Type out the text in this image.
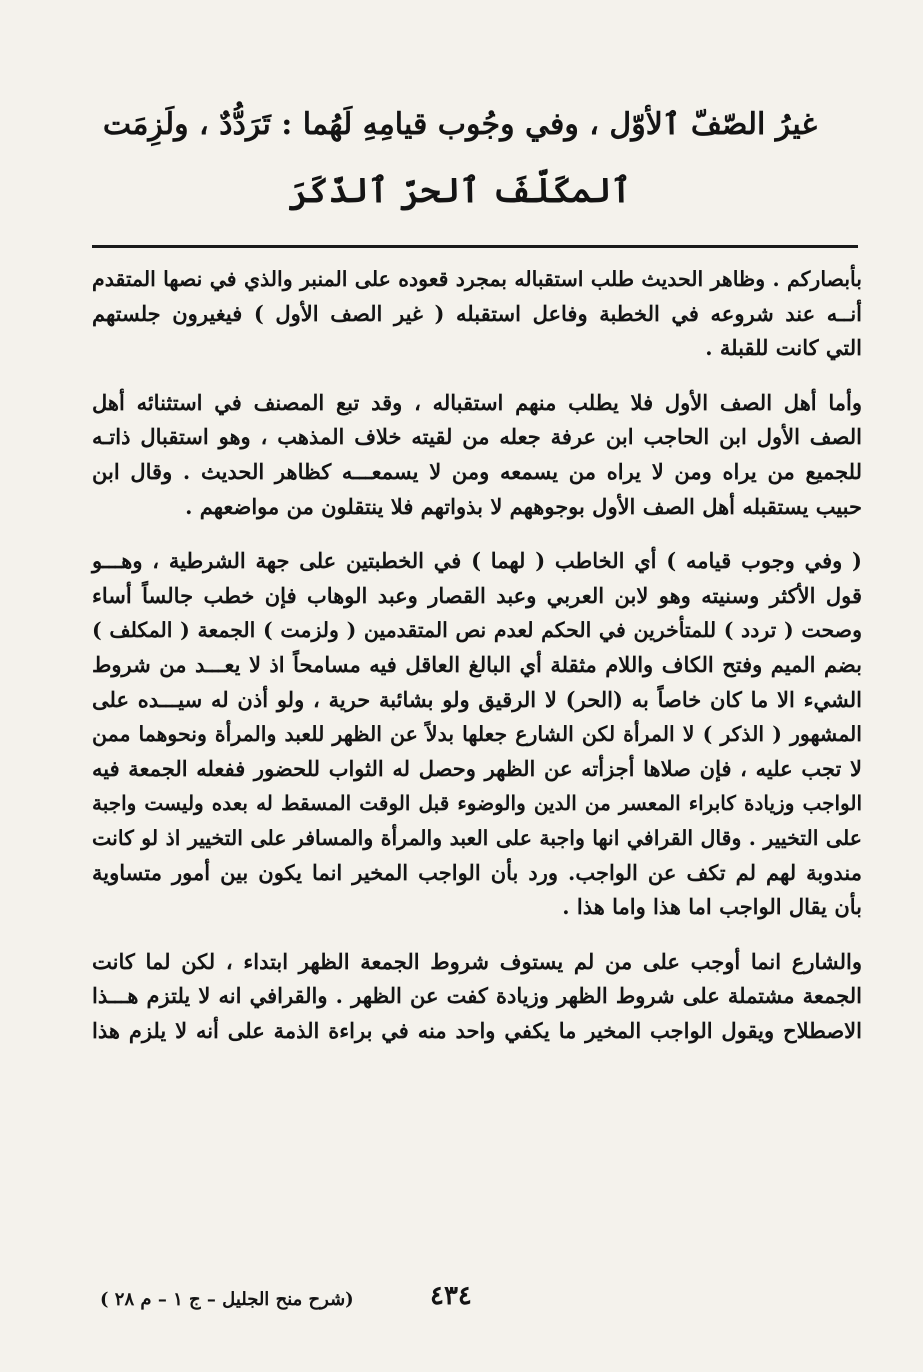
غيرُ الصّفّ ٱلأوّل ، وفي وجُوب قيامِهِ لَهُما : تَرَدُّدٌ ، ولَزِمَت
ٱلمكَلّفَ ٱلحرّ ٱلذّكَرَ

بأبصاركم . وظاهر الحديث طلب استقباله بمجرد قعوده على المنبر والذي في نصها المتقدم
أنــه عند شروعه في الخطبة وفاعل استقبله ( غير الصف الأول ) فيغيرون جلستهم
التي كانت للقبلة .

وأما أهل الصف الأول فلا يطلب منهم استقباله ، وقد تبع المصنف في استثنائه أهل
الصف الأول ابن الحاجب ابن عرفة جعله من لقيته خلاف المذهب ، وهو استقبال ذاتـه
للجميع من يراه ومن لا يراه من يسمعه ومن لا يسمعـــه كظاهر الحديث . وقال ابن
حبيب يستقبله أهل الصف الأول بوجوههم لا بذواتهم فلا ينتقلون من مواضعهم .

( وفي وجوب قيامه ) أي الخاطب ( لهما ) في الخطبتين على جهة الشرطية ، وهـــو
قول الأكثر وسنيته وهو لابن العربي وعبد القصار وعبد الوهاب فإن خطب جالساً أساء
وصحت ( تردد ) للمتأخرين في الحكم لعدم نص المتقدمين ( ولزمت ) الجمعة ( المكلف )
بضم الميم وفتح الكاف واللام مثقلة أي البالغ العاقل فيه مسامحاً اذ لا يعـــد من شروط
الشيء الا ما كان خاصاً به (الحر) لا الرقيق ولو بشائبة حرية ، ولو أذن له سيـــده على
المشهور ( الذكر ) لا المرأة لكن الشارع جعلها بدلاً عن الظهر للعبد والمرأة ونحوهما ممن
لا تجب عليه ، فإن صلاها أجزأته عن الظهر وحصل له الثواب للحضور ففعله الجمعة فيه
الواجب وزيادة كابراء المعسر من الدين والوضوء قبل الوقت المسقط له بعده وليست واجبة
على التخيير . وقال القرافي انها واجبة على العبد والمرأة والمسافر على التخيير اذ لو كانت
مندوبة لهم لم تكف عن الواجب. ورد بأن الواجب المخير انما يكون بين أمور متساوية
بأن يقال الواجب اما هذا واما هذا .

والشارع انما أوجب على من لم يستوف شروط الجمعة الظهر ابتداء ، لكن لما كانت
الجمعة مشتملة على شروط الظهر وزيادة كفت عن الظهر . والقرافي انه لا يلتزم هـــذا
الاصطلاح ويقول الواجب المخير ما يكفي واحد منه في براءة الذمة على أنه لا يلزم هذا

٤٣٤
(شرح منح الجليل – ج ١ – م ٢٨ )
